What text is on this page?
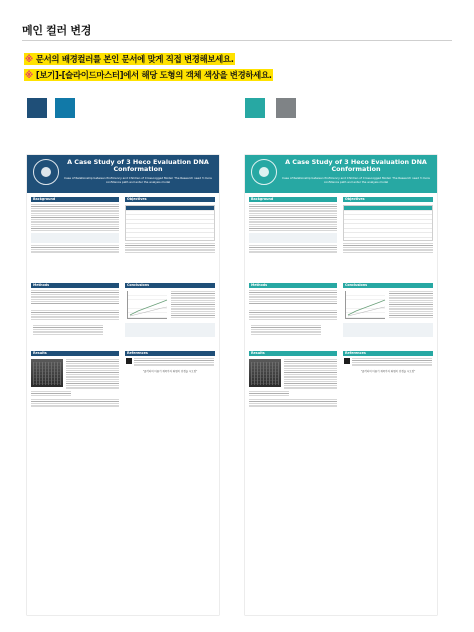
메인 컬러 변경
※ 문서의 배경컬러를 본인 문서에 맞게 직접 변경해보세요.
※ [보기]-[슬라이드마스터]에서 해당 도형의 객체 색상을 변경하세요.
A Case Study of 3 Heco Evaluation DNA Conformation
Case of Relationship between Proficiency and Children of Cross-logged Model: The Research need 3 more confidence path and enter the analysis model
Background	Objectives
Methods	Conclusions
Results	References
"클릭하여 이름기 제목까지 회원이 인정을 시오됨"
A Case Study of 3 Heco Evaluation DNA Conformation
Case of Relationship between Proficiency and Children of Cross-logged Model: The Research need 3 more confidence path and enter the analysis model
Background	Objectives
Methods	Conclusions
Results	References
"클릭하여 이름기 제목까지 회원이 인정을 시오됨"
